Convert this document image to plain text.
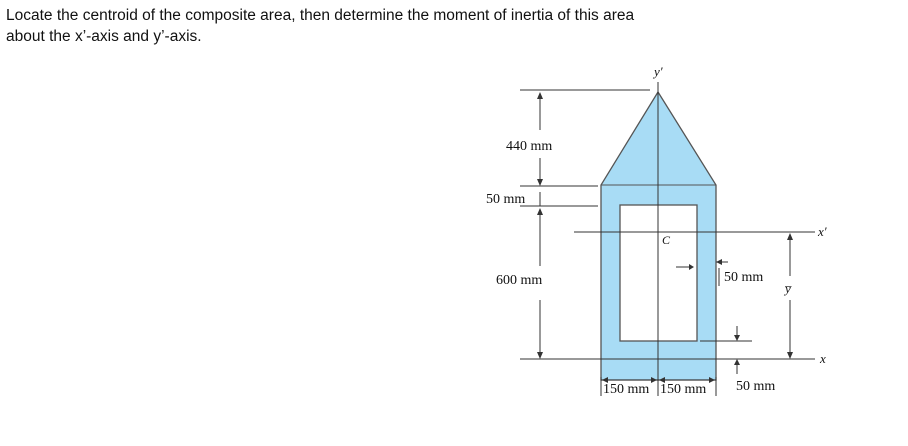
Locate the centroid of the composite area, then determine the moment of inertia of this area
about the x’-axis and y’-axis.
y′
x′
x
C
440 mm
50 mm
600 mm	50 mm
y̅
50 mm
150 mm 150 mm
